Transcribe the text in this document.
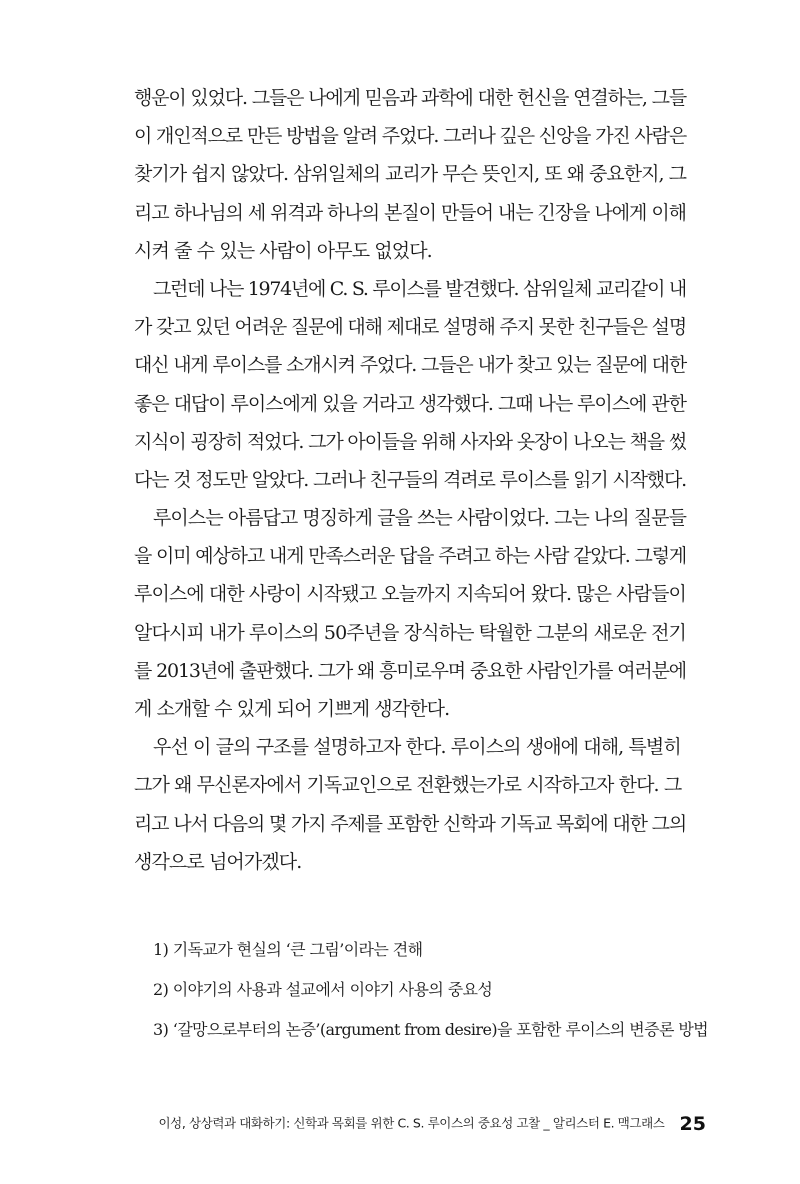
행운이 있었다. 그들은 나에게 믿음과 과학에 대한 헌신을 연결하는, 그들
이 개인적으로 만든 방법을 알려 주었다. 그러나 깊은 신앙을 가진 사람은
찾기가 쉽지 않았다. 삼위일체의 교리가 무슨 뜻인지, 또 왜 중요한지, 그
리고 하나님의 세 위격과 하나의 본질이 만들어 내는 긴장을 나에게 이해
시켜 줄 수 있는 사람이 아무도 없었다.
그런데 나는 1974년에 C. S. 루이스를 발견했다. 삼위일체 교리같이 내
가 갖고 있던 어려운 질문에 대해 제대로 설명해 주지 못한 친구들은 설명
대신 내게 루이스를 소개시켜 주었다. 그들은 내가 찾고 있는 질문에 대한
좋은 대답이 루이스에게 있을 거라고 생각했다. 그때 나는 루이스에 관한
지식이 굉장히 적었다. 그가 아이들을 위해 사자와 옷장이 나오는 책을 썼
다는 것 정도만 알았다. 그러나 친구들의 격려로 루이스를 읽기 시작했다.
루이스는 아름답고 명징하게 글을 쓰는 사람이었다. 그는 나의 질문들
을 이미 예상하고 내게 만족스러운 답을 주려고 하는 사람 같았다. 그렇게
루이스에 대한 사랑이 시작됐고 오늘까지 지속되어 왔다. 많은 사람들이
알다시피 내가 루이스의 50주년을 장식하는 탁월한 그분의 새로운 전기
를 2013년에 출판했다. 그가 왜 흥미로우며 중요한 사람인가를 여러분에
게 소개할 수 있게 되어 기쁘게 생각한다.
우선 이 글의 구조를 설명하고자 한다. 루이스의 생애에 대해, 특별히
그가 왜 무신론자에서 기독교인으로 전환했는가로 시작하고자 한다. 그
리고 나서 다음의 몇 가지 주제를 포함한 신학과 기독교 목회에 대한 그의
생각으로 넘어가겠다.
1) 기독교가 현실의 ‘큰 그림’이라는 견해
2) 이야기의 사용과 설교에서 이야기 사용의 중요성
3) ‘갈망으로부터의 논증’(argument from desire)을 포함한 루이스의 변증론 방법
이성, 상상력과 대화하기: 신학과 목회를 위한 C. S. 루이스의 중요성 고찰 _ 알리스터 E. 맥그래스 25
